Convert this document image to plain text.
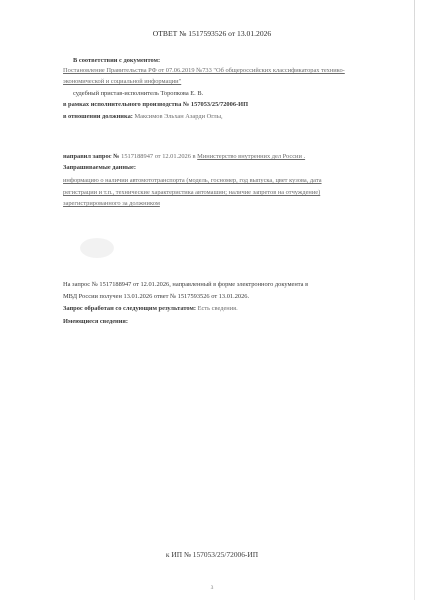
ОТВЕТ № 1517593526 от 13.01.2026
В соответствии с документом:
Постановление Правительства РФ от 07.06.2019 №733 "Об общероссийских классификаторах технико-
экономической и социальной информации"
судебный пристав-исполнитель Торопкова Е. В.
в рамках исполнительного производства № 157053/25/72006-ИП
в отношении должника: Максимов Эльхан Азарди Оглы,
направил запрос № 1517188947 от 12.01.2026 в Министерство внутренних дел России .
Запрашиваемые данные:
информацию о наличии автомототранспорта (модель, госномер, год выпуска, цвет кузова, дата
регистрации и т.п., технические характеристика автомашин; наличие запретов на отчуждение)
зарегистрированного за должником
На запрос № 1517188947 от 12.01.2026, направленный в форме электронного документа в
МВД России получен 13.01.2026 ответ № 1517593526 от 13.01.2026.
Запрос обработан со следующим результатом: Есть сведения.
Имеющиеся сведения:
к ИП № 157053/25/72006-ИП
3
